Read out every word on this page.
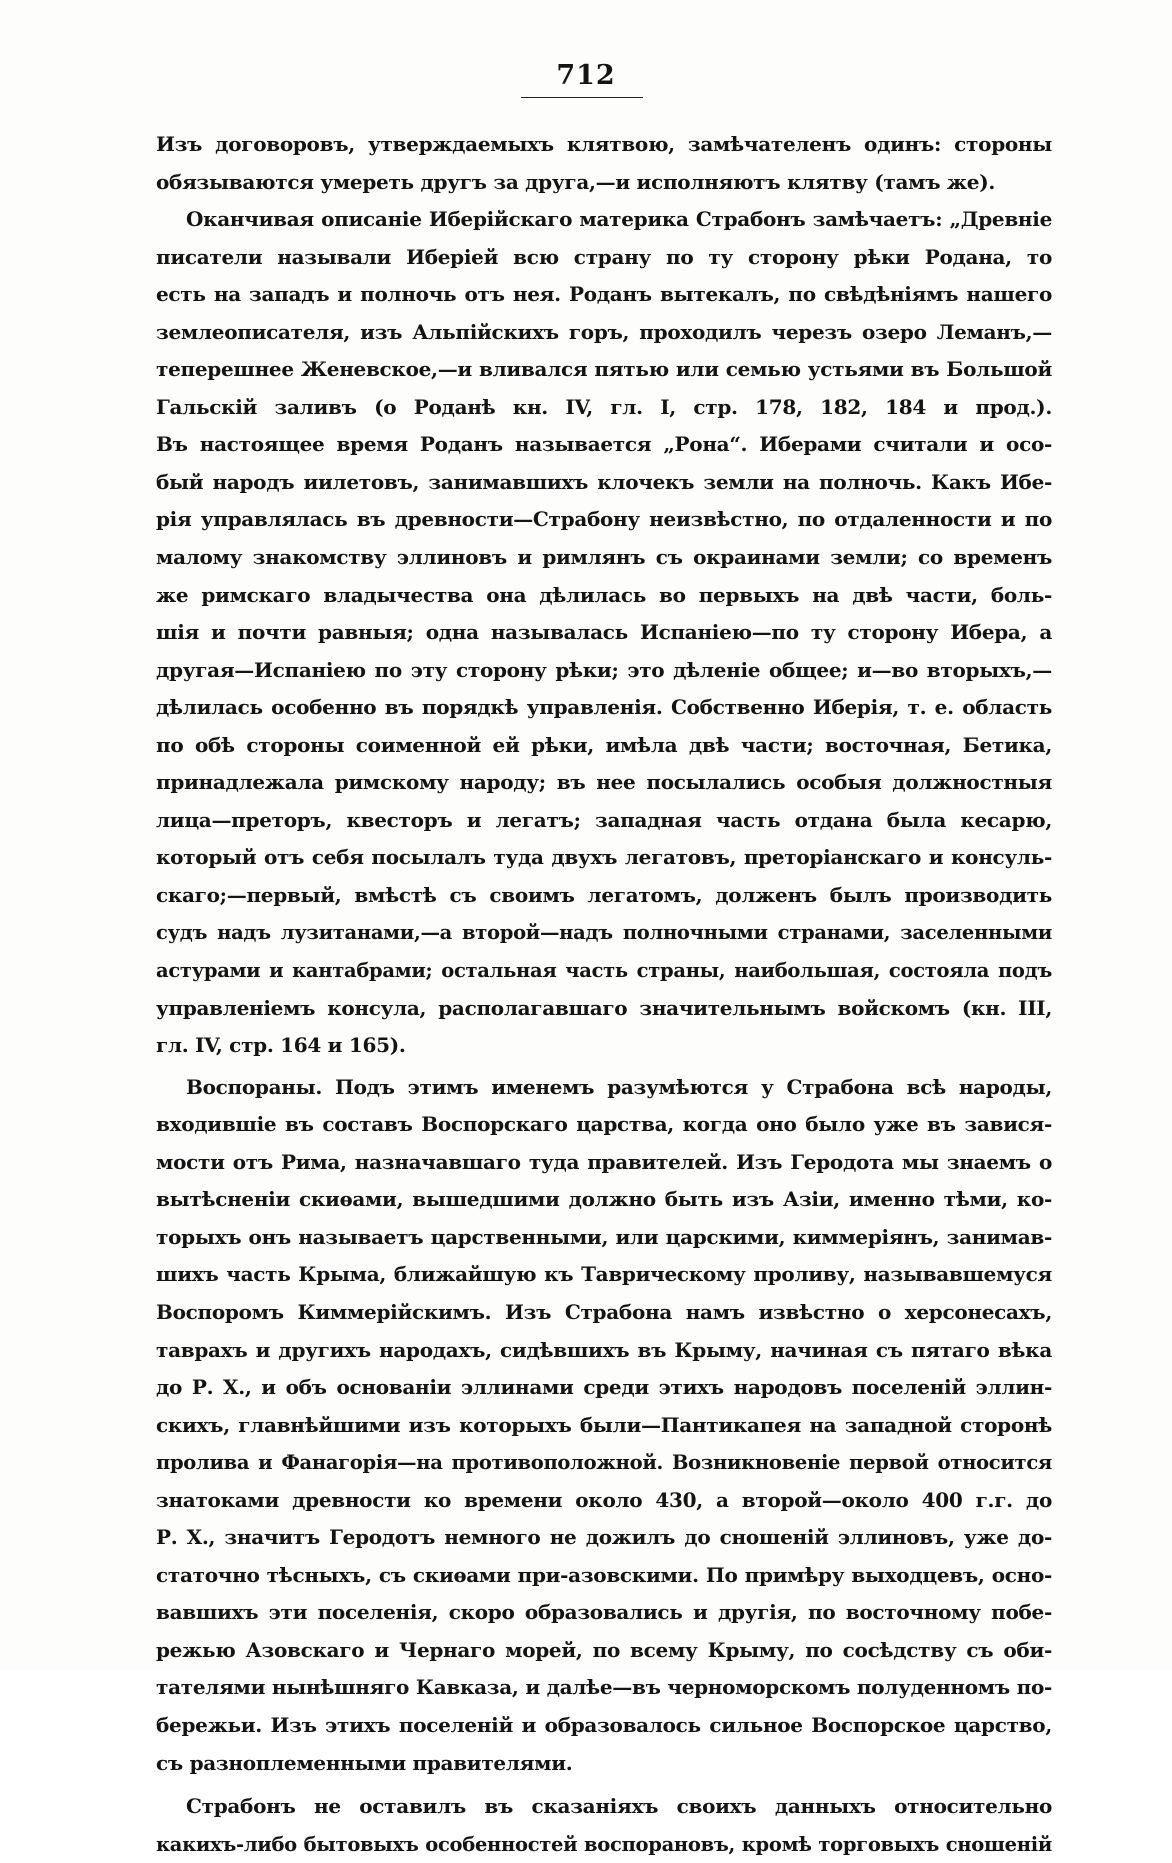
712
Изъ договоровъ, утверждаемыхъ клятвою, замѣчателенъ одинъ: стороны
обязываются умереть другъ за друга,—и исполняютъ клятву (тамъ же).
Оканчивая описаніе Иберійскаго материка Страбонъ замѣчаетъ: „Древніе
писатели называли Иберіей всю страну по ту сторону рѣки Родана, то
есть на западъ и полночь отъ нея. Роданъ вытекалъ, по свѣдѣніямъ нашего
землеописателя, изъ Альпійскихъ горъ, проходилъ черезъ озеро Леманъ,—
теперешнее Женевское,—и вливался пятью или семью устьями въ Большой
Гальскій заливъ (о Роданѣ кн. IV, гл. I, стр. 178, 182, 184 и прод.).
Въ настоящее время Роданъ называется „Рона“. Иберами считали и осо-
бый народъ иилетовъ, занимавшихъ клочекъ земли на полночь. Какъ Ибе-
рія управлялась въ древности—Страбону неизвѣстно, по отдаленности и по
малому знакомству эллиновъ и римлянъ съ окраинами земли; со временъ
же римскаго владычества она дѣлилась во первыхъ на двѣ части, боль-
шія и почти равныя; одна называлась Испаніею—по ту сторону Ибера, а
другая—Испаніею по эту сторону рѣки; это дѣленіе общее; и—во вторыхъ,—
дѣлилась особенно въ порядкѣ управленія. Собственно Иберія, т. е. область
по обѣ стороны соименной ей рѣки, имѣла двѣ части; восточная, Бетика,
принадлежала римскому народу; въ нее посылались особыя должностныя
лица—преторъ, квесторъ и легатъ; западная часть отдана была кесарю,
который отъ себя посылалъ туда двухъ легатовъ, преторіанскаго и консуль-
скаго;—первый, вмѣстѣ съ своимъ легатомъ, долженъ былъ производить
судъ надъ лузитанами,—а второй—надъ полночными странами, заселенными
астурами и кантабрами; остальная часть страны, наибольшая, состояла подъ
управленіемъ консула, располагавшаго значительнымъ войскомъ (кн. III,
гл. IV, стр. 164 и 165).
Воспораны. Подъ этимъ именемъ разумѣются у Страбона всѣ народы,
входившіе въ составъ Воспорскаго царства, когда оно было уже въ завися-
мости отъ Рима, назначавшаго туда правителей. Изъ Геродота мы знаемъ о
вытѣсненіи скиѳами, вышедшими должно быть изъ Азіи, именно тѣми, ко-
торыхъ онъ называетъ царственными, или царскими, киммеріянъ, занимав-
шихъ часть Крыма, ближайшую къ Таврическому проливу, называвшемуся
Воспоромъ Киммерійскимъ. Изъ Страбона намъ извѣстно о херсонесахъ,
таврахъ и другихъ народахъ, сидѣвшихъ въ Крыму, начиная съ пятаго вѣка
до Р. Х., и объ основаніи эллинами среди этихъ народовъ поселеній эллин-
скихъ, главнѣйшими изъ которыхъ были—Пантикапея на западной сторонѣ
пролива и Фанагорія—на противоположной. Возникновеніе первой относится
знатоками древности ко времени около 430, а второй—около 400 г.г. до
Р. Х., значитъ Геродотъ немного не дожилъ до сношеній эллиновъ, уже до-
статочно тѣсныхъ, съ скиѳами при-азовскими. По примѣру выходцевъ, осно-
вавшихъ эти поселенія, скоро образовались и другія, по восточному побе-
режью Азовскаго и Чернаго морей, по всему Крыму, по сосѣдству съ оби-
тателями нынѣшняго Кавказа, и далѣе—въ черноморскомъ полуденномъ по-
бережьи. Изъ этихъ поселеній и образовалось сильное Воспорское царство,
съ разноплеменными правителями.
Страбонъ не оставилъ въ сказаніяхъ своихъ данныхъ относительно
какихъ-либо бытовыхъ особенностей воспорановъ, кромѣ торговыхъ сношеній
